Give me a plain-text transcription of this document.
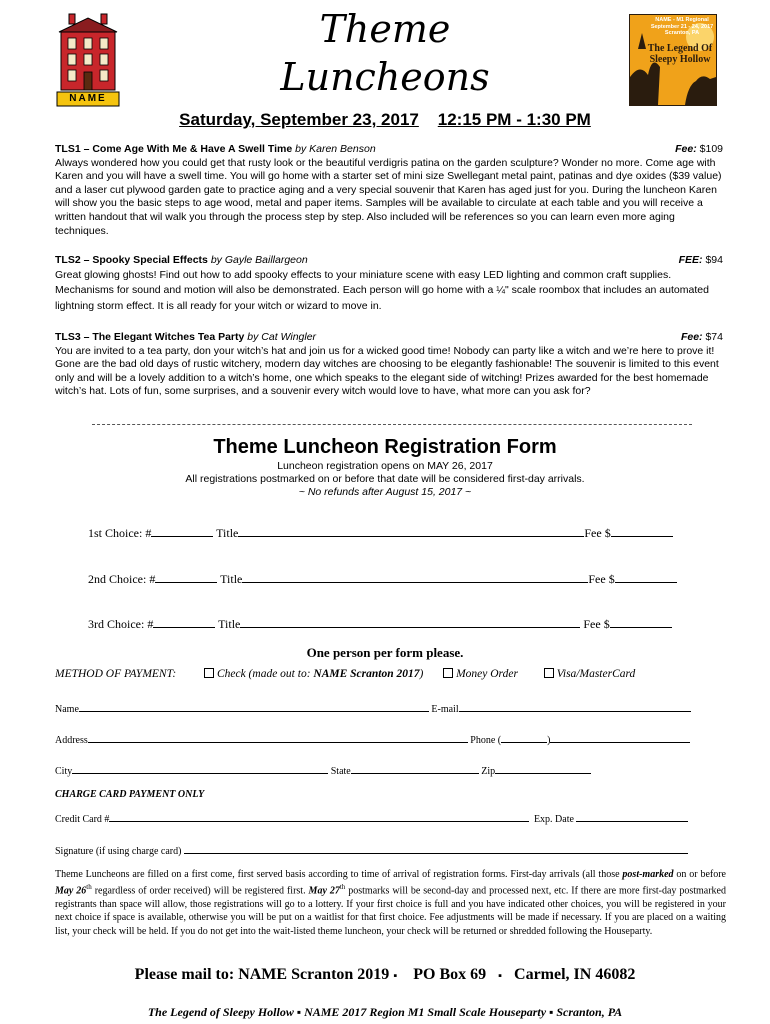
NAME
Theme
Luncheons
NAME - M1 Regional
September 21 - 24, 2017
Scranton, PA
The Legend Of
Sleepy Hollow
Saturday, September 23, 2017 12:15 PM - 1:30 PM
TLS1 – Come Age With Me & Have A Swell Time by Karen Benson	Fee: $109

Always wondered how you could get that rusty look or the beautiful verdigris patina on the garden sculpture? Wonder no more. Come age with Karen and you will have a swell time. You will go home with a starter set of mini size Swellegant metal paint, patinas and dye oxides ($39 value) and a laser cut plywood garden gate to practice aging and a very special souvenir that Karen has aged just for you. During the luncheon Karen will show you the basic steps to age wood, metal and paper items. Samples will be available to circulate at each table and you will receive a written handout that wil walk you through the process step by step. Also included will be references so you can learn even more aging techniques.

TLS2 – Spooky Special Effects by Gayle Baillargeon	FEE: $94

Great glowing ghosts! Find out how to add spooky effects to your miniature scene with easy LED lighting and common craft supplies. Mechanisms for sound and motion will also be demonstrated. Each person will go home with a ¼" scale roombox that includes an automated lightning storm effect. It is all ready for your witch or wizard to move in.

TLS3 – The Elegant Witches Tea Party by Cat Wingler	Fee: $74

You are invited to a tea party, don your witch’s hat and join us for a wicked good time! Nobody can party like a witch and we’re here to prove it! Gone are the bad old days of rustic witchery, modern day witches are choosing to be elegantly fashionable! The souvenir is limited to this event only and will be a lovely addition to a witch’s home, one which speaks to the elegant side of witching! Prizes awarded for the best homemade witch’s hat. Lots of fun, some surprises, and a souvenir every witch would love to have, what more can you ask for?

Theme Luncheon Registration Form
Luncheon registration opens on MAY 26, 2017
All registrations postmarked on or before that date will be considered first-day arrivals.
~ No refunds after August 15, 2017 ~
1st Choice: #	Title	Fee $
2nd Choice: #	Title	Fee $
3rd Choice: #	Title	Fee $
One person per form please.
METHOD OF PAYMENT:	Check (made out to: NAME Scranton 2017)	Money Order	Visa/MasterCard
Name	E-mail
Address	Phone (	)
City	State	Zip
CHARGE CARD PAYMENT ONLY
Credit Card #	Exp. Date
Signature (if using charge card)
Theme Luncheons are filled on a first come, first served basis according to time of arrival of registration forms. First-day arrivals (all those post-marked on or before May 26th regardless of order received) will be registered first. May 27th postmarks will be second-day and processed next, etc. If there are more first-day postmarked registrants than space will allow, those registrations will go to a lottery. If your first choice is full and you have indicated other choices, you will be registered in your next choice if space is available, otherwise you will be put on a waitlist for that first choice. Fee adjustments will be made if necessary. If you are placed on a waiting list, your check will be held. If you do not get into the wait-listed theme luncheon, your check will be returned or shredded following the Houseparty.
Please mail to: NAME Scranton 2019 ▪ PO Box 69 ▪ Carmel, IN 46082
The Legend of Sleepy Hollow ▪ NAME 2017 Region M1 Small Scale Houseparty ▪ Scranton, PA
